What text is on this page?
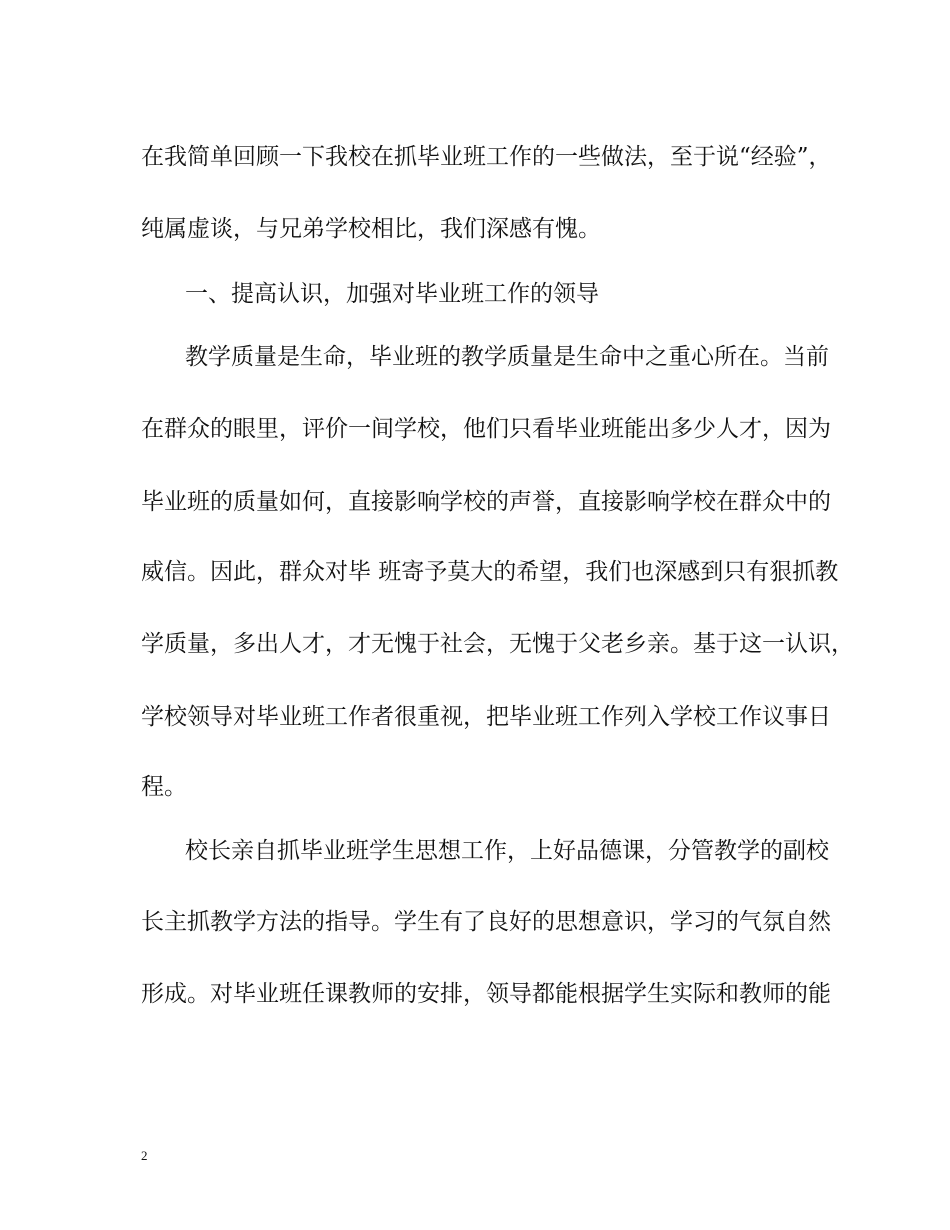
在我简单回顾一下我校在抓毕业班工作的一些做法，至于说“经验”，

纯属虚谈，与兄弟学校相比，我们深感有愧。

一、提高认识，加强对毕业班工作的领导

教学质量是生命，毕业班的教学质量是生命中之重心所在。当前

在群众的眼里，评价一间学校，他们只看毕业班能出多少人才，因为

毕业班的质量如何，直接影响学校的声誉，直接影响学校在群众中的

威信。因此，群众对毕 班寄予莫大的希望，我们也深感到只有狠抓教

学质量，多出人才，才无愧于社会，无愧于父老乡亲。基于这一认识，

学校领导对毕业班工作者很重视，把毕业班工作列入学校工作议事日

程。

校长亲自抓毕业班学生思想工作，上好品德课，分管教学的副校

长主抓教学方法的指导。学生有了良好的思想意识，学习的气氛自然

形成。对毕业班任课教师的安排，领导都能根据学生实际和教师的能

2
